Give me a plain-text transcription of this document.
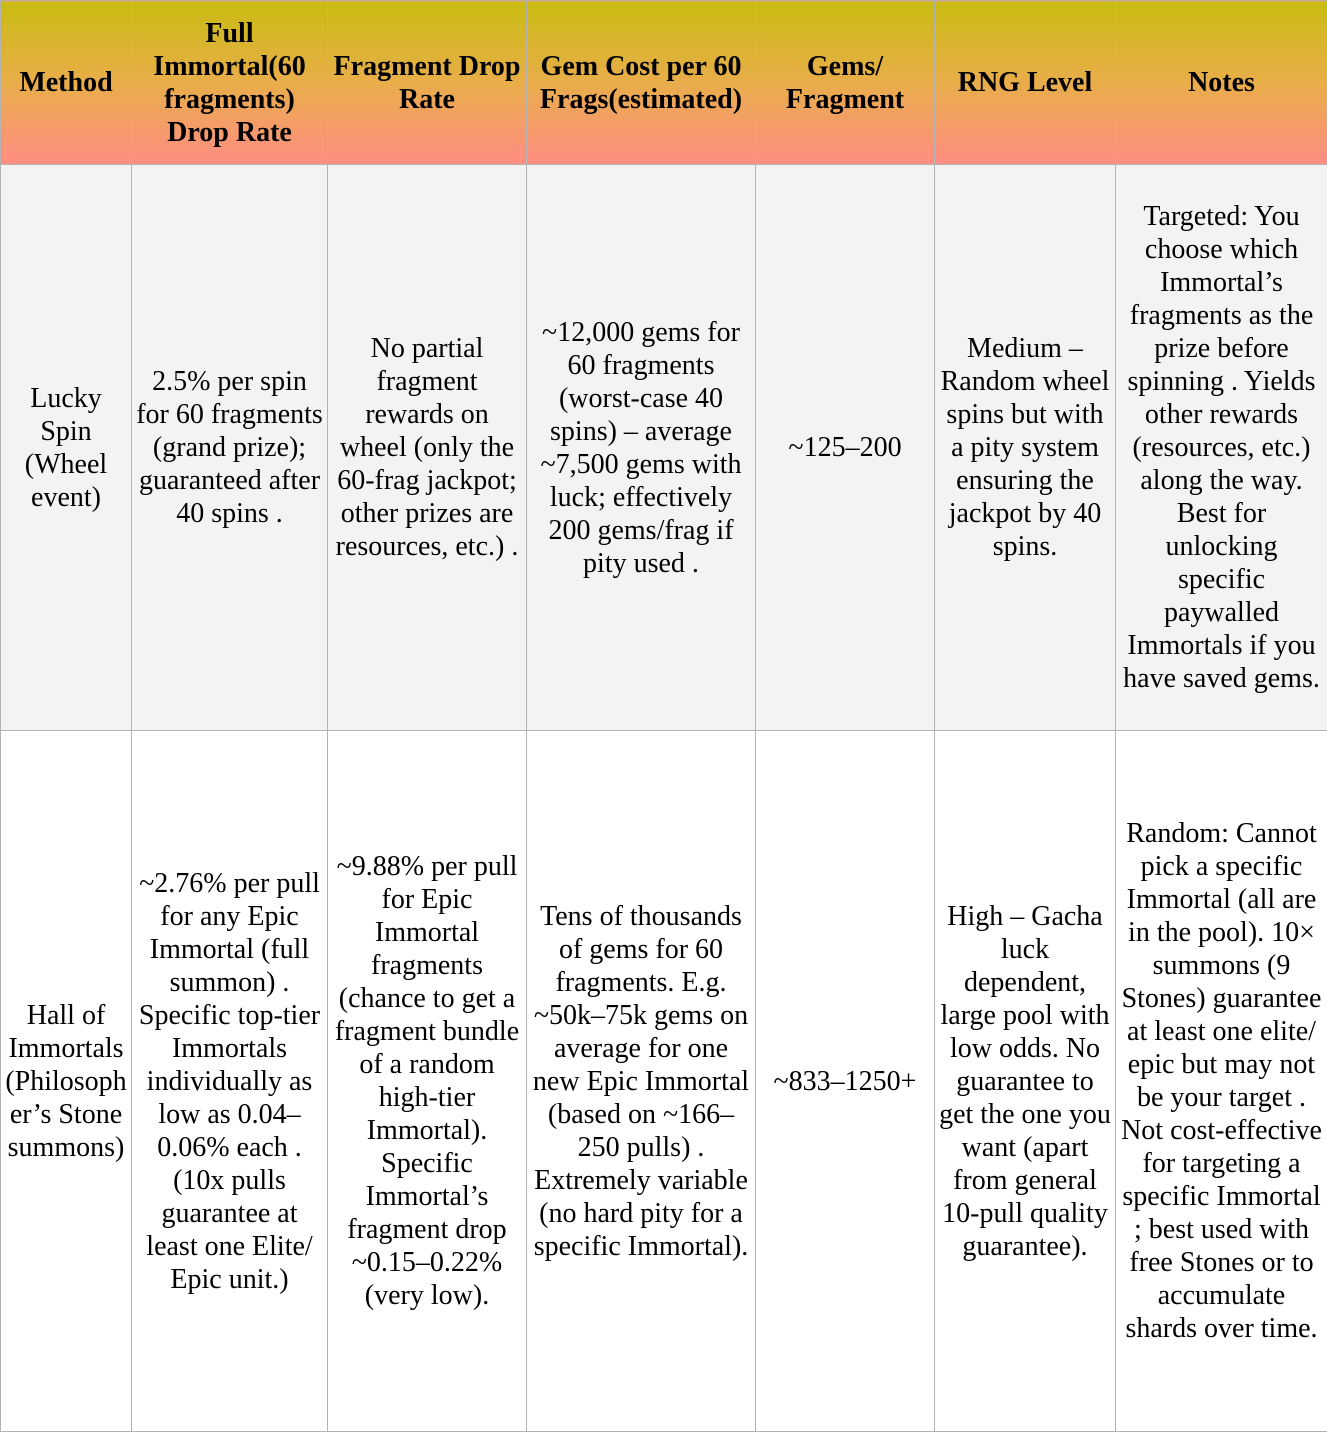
Method	Full Immortal(60 fragments) Drop Rate	Fragment Drop Rate	Gem Cost per 60 Frags(estimated)	Gems/ Fragment	RNG Level	Notes
Lucky Spin (Wheel event)	2.5% per spin for 60 fragments (grand prize); guaranteed after 40 spins .	No partial fragment rewards on wheel (only the 60-frag jackpot; other prizes are resources, etc.) .	~12,000 gems for 60 fragments (worst-case 40 spins) – average ~7,500 gems with luck; effectively 200 gems/frag if pity used .	~125–200	Medium – Random wheel spins but with a pity system ensuring the jackpot by 40 spins.	Targeted: You choose which Immortal’s fragments as the prize before spinning . Yields other rewards (resources, etc.) along the way. Best for unlocking specific paywalled Immortals if you have saved gems.
Hall of Immortals (Philosopher’s Stone summons)	~2.76% per pull for any Epic Immortal (full summon) . Specific top-tier Immortals individually as low as 0.04–0.06% each . (10x pulls guarantee at least one Elite/ Epic unit.)	~9.88% per pull for Epic Immortal fragments (chance to get a fragment bundle of a random high-tier Immortal). Specific Immortal’s fragment drop ~0.15–0.22% (very low).	Tens of thousands of gems for 60 fragments. E.g. ~50k–75k gems on average for one new Epic Immortal (based on ~166–250 pulls) . Extremely variable (no hard pity for a specific Immortal).	~833–1250+	High – Gacha luck dependent, large pool with low odds. No guarantee to get the one you want (apart from general 10-pull quality guarantee).	Random: Cannot pick a specific Immortal (all are in the pool). 10× summons (9 Stones) guarantee at least one elite/ epic but may not be your target . Not cost-effective for targeting a specific Immortal ; best used with free Stones or to accumulate shards over time.
